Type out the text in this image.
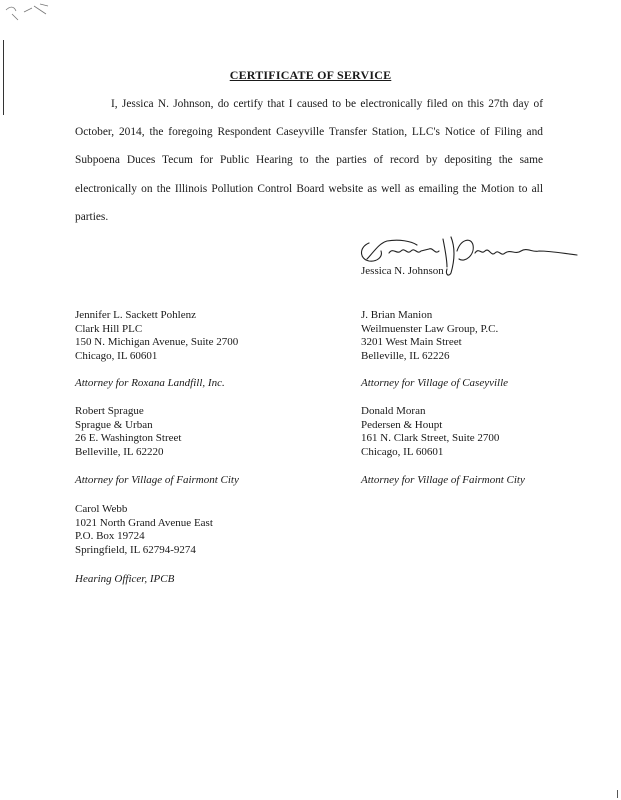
CERTIFICATE OF SERVICE
I, Jessica N. Johnson, do certify that I caused to be electronically filed on this 27th day of October, 2014, the foregoing Respondent Caseyville Transfer Station, LLC's Notice of Filing and Subpoena Duces Tecum for Public Hearing to the parties of record by depositing the same electronically on the Illinois Pollution Control Board website as well as emailing the Motion to all parties.
Jessica N. Johnson
Jennifer L. Sackett Pohlenz
Clark Hill PLC
150 N. Michigan Avenue, Suite 2700
Chicago, IL 60601
Attorney for Roxana Landfill, Inc.
Robert Sprague
Sprague & Urban
26 E. Washington Street
Belleville, IL 62220
Attorney for Village of Fairmont City
Carol Webb
1021 North Grand Avenue East
P.O. Box 19724
Springfield, IL 62794-9274
Hearing Officer, IPCB
J. Brian Manion
Weilmuenster Law Group, P.C.
3201 West Main Street
Belleville, IL 62226
Attorney for Village of Caseyville
Donald Moran
Pedersen & Houpt
161 N. Clark Street, Suite 2700
Chicago, IL 60601
Attorney for Village of Fairmont City
